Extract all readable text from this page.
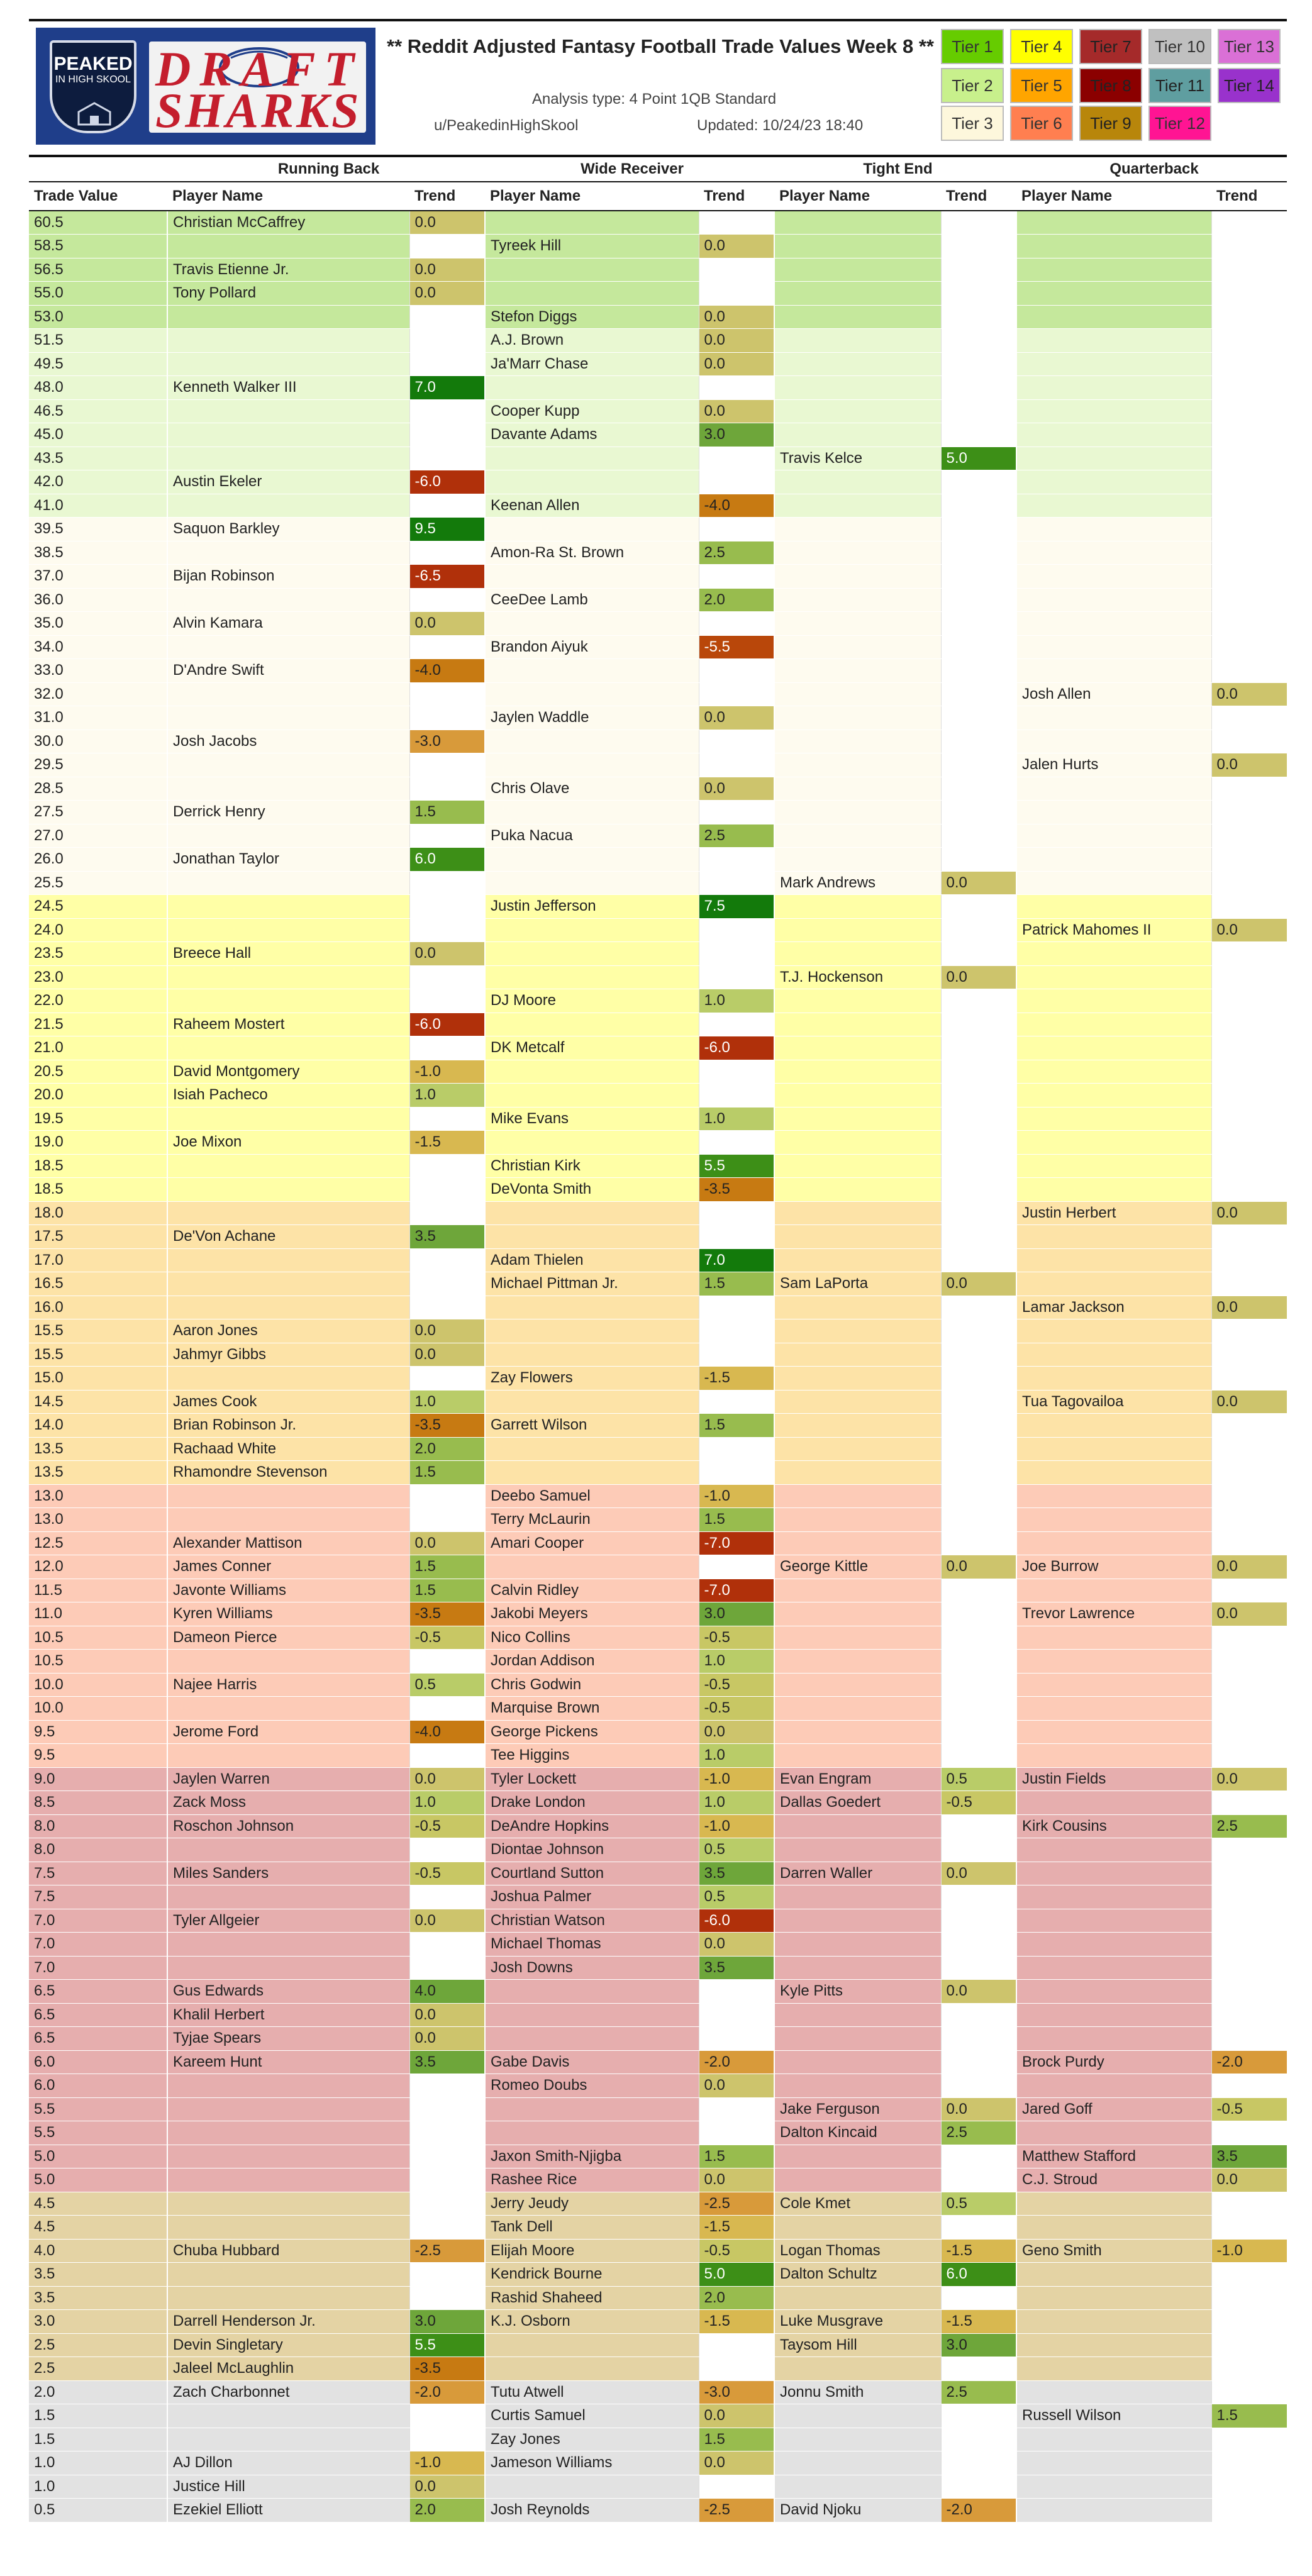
PEAKED
IN HIGH SKOOL DRAFT
SHARKS
** Reddit Adjusted Fantasy Football Trade Values Week 8 **
Analysis type: 4 Point 1QB Standard
u/PeakedinHighSkool	Updated: 10/24/23 18:40
Tier 1
Tier 2
Tier 3
Tier 4
Tier 5
Tier 6
Tier 7
Tier 8
Tier 9
Tier 10
Tier 11
Tier 12
Tier 13
Tier 14
	Running Back		Wide Receiver		Tight End		Quarterback	
Trade Value	Player Name	Trend	Player Name	Trend	Player Name	Trend	Player Name	Trend
60.5	Christian McCaffrey	0.0						
58.5			Tyreek Hill	0.0				
56.5	Travis Etienne Jr.	0.0						
55.0	Tony Pollard	0.0						
53.0			Stefon Diggs	0.0				
51.5			A.J. Brown	0.0				
49.5			Ja'Marr Chase	0.0				
48.0	Kenneth Walker III	7.0						
46.5			Cooper Kupp	0.0				
45.0			Davante Adams	3.0				
43.5					Travis Kelce	5.0		
42.0	Austin Ekeler	-6.0						
41.0			Keenan Allen	-4.0				
39.5	Saquon Barkley	9.5						
38.5			Amon-Ra St. Brown	2.5				
37.0	Bijan Robinson	-6.5						
36.0			CeeDee Lamb	2.0				
35.0	Alvin Kamara	0.0						
34.0			Brandon Aiyuk	-5.5				
33.0	D'Andre Swift	-4.0						
32.0							Josh Allen	0.0
31.0			Jaylen Waddle	0.0				
30.0	Josh Jacobs	-3.0						
29.5							Jalen Hurts	0.0
28.5			Chris Olave	0.0				
27.5	Derrick Henry	1.5						
27.0			Puka Nacua	2.5				
26.0	Jonathan Taylor	6.0						
25.5					Mark Andrews	0.0		
24.5			Justin Jefferson	7.5				
24.0							Patrick Mahomes II	0.0
23.5	Breece Hall	0.0						
23.0					T.J. Hockenson	0.0		
22.0			DJ Moore	1.0				
21.5	Raheem Mostert	-6.0						
21.0			DK Metcalf	-6.0				
20.5	David Montgomery	-1.0						
20.0	Isiah Pacheco	1.0						
19.5			Mike Evans	1.0				
19.0	Joe Mixon	-1.5						
18.5			Christian Kirk	5.5				
18.5			DeVonta Smith	-3.5				
18.0							Justin Herbert	0.0
17.5	De'Von Achane	3.5						
17.0			Adam Thielen	7.0				
16.5			Michael Pittman Jr.	1.5	Sam LaPorta	0.0		
16.0							Lamar Jackson	0.0
15.5	Aaron Jones	0.0						
15.5	Jahmyr Gibbs	0.0						
15.0			Zay Flowers	-1.5				
14.5	James Cook	1.0					Tua Tagovailoa	0.0
14.0	Brian Robinson Jr.	-3.5	Garrett Wilson	1.5				
13.5	Rachaad White	2.0						
13.5	Rhamondre Stevenson	1.5						
13.0			Deebo Samuel	-1.0				
13.0			Terry McLaurin	1.5				
12.5	Alexander Mattison	0.0	Amari Cooper	-7.0				
12.0	James Conner	1.5			George Kittle	0.0	Joe Burrow	0.0
11.5	Javonte Williams	1.5	Calvin Ridley	-7.0				
11.0	Kyren Williams	-3.5	Jakobi Meyers	3.0			Trevor Lawrence	0.0
10.5	Dameon Pierce	-0.5	Nico Collins	-0.5				
10.5			Jordan Addison	1.0				
10.0	Najee Harris	0.5	Chris Godwin	-0.5				
10.0			Marquise Brown	-0.5				
9.5	Jerome Ford	-4.0	George Pickens	0.0				
9.5			Tee Higgins	1.0				
9.0	Jaylen Warren	0.0	Tyler Lockett	-1.0	Evan Engram	0.5	Justin Fields	0.0
8.5	Zack Moss	1.0	Drake London	1.0	Dallas Goedert	-0.5		
8.0	Roschon Johnson	-0.5	DeAndre Hopkins	-1.0			Kirk Cousins	2.5
8.0			Diontae Johnson	0.5				
7.5	Miles Sanders	-0.5	Courtland Sutton	3.5	Darren Waller	0.0		
7.5			Joshua Palmer	0.5				
7.0	Tyler Allgeier	0.0	Christian Watson	-6.0				
7.0			Michael Thomas	0.0				
7.0			Josh Downs	3.5				
6.5	Gus Edwards	4.0			Kyle Pitts	0.0		
6.5	Khalil Herbert	0.0						
6.5	Tyjae Spears	0.0						
6.0	Kareem Hunt	3.5	Gabe Davis	-2.0			Brock Purdy	-2.0
6.0			Romeo Doubs	0.0				
5.5					Jake Ferguson	0.0	Jared Goff	-0.5
5.5					Dalton Kincaid	2.5		
5.0			Jaxon Smith-Njigba	1.5			Matthew Stafford	3.5
5.0			Rashee Rice	0.0			C.J. Stroud	0.0
4.5			Jerry Jeudy	-2.5	Cole Kmet	0.5		
4.5			Tank Dell	-1.5				
4.0	Chuba Hubbard	-2.5	Elijah Moore	-0.5	Logan Thomas	-1.5	Geno Smith	-1.0
3.5			Kendrick Bourne	5.0	Dalton Schultz	6.0		
3.5			Rashid Shaheed	2.0				
3.0	Darrell Henderson Jr.	3.0	K.J. Osborn	-1.5	Luke Musgrave	-1.5		
2.5	Devin Singletary	5.5			Taysom Hill	3.0		
2.5	Jaleel McLaughlin	-3.5						
2.0	Zach Charbonnet	-2.0	Tutu Atwell	-3.0	Jonnu Smith	2.5		
1.5			Curtis Samuel	0.0			Russell Wilson	1.5
1.5			Zay Jones	1.5				
1.0	AJ Dillon	-1.0	Jameson Williams	0.0				
1.0	Justice Hill	0.0						
0.5	Ezekiel Elliott	2.0	Josh Reynolds	-2.5	David Njoku	-2.0		
